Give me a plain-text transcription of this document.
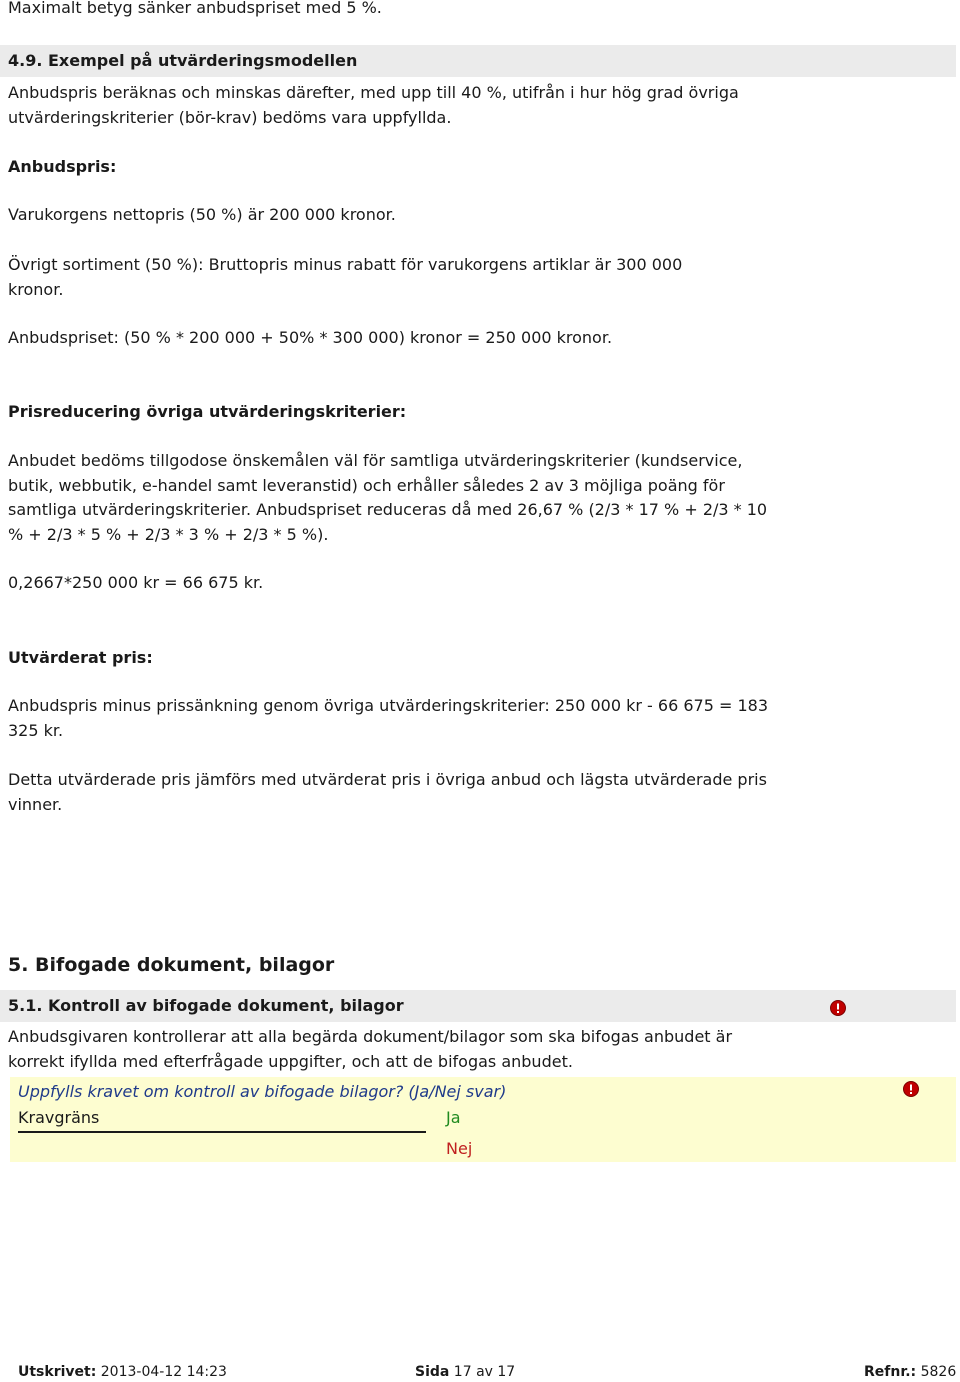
Maximalt betyg sänker anbudspriset med 5 %.
4.9. Exempel på utvärderingsmodellen

Anbudspris beräknas och minskas därefter, med upp till 40 %, utifrån i hur hög grad övriga utvärderingskriterier (bör-krav) bedöms vara uppfyllda.

Anbudspris:

Varukorgens nettopris (50 %) är 200 000 kronor.

Övrigt sortiment (50 %): Bruttopris minus rabatt för varukorgens artiklar är 300 000 kronor.

Anbudspriset: (50 % * 200 000 + 50% * 300 000) kronor = 250 000 kronor.

Prisreducering övriga utvärderingskriterier:

Anbudet bedöms tillgodose önskemålen väl för samtliga utvärderingskriterier (kundservice, butik, webbutik, e-handel samt leveranstid) och erhåller således 2 av 3 möjliga poäng för samtliga utvärderingskriterier. Anbudspriset reduceras då med 26,67 % (2/3 * 17 % + 2/3 * 10 % + 2/3 * 5 % + 2/3 * 3 % + 2/3 * 5 %).

0,2667*250 000 kr = 66 675 kr.

Utvärderat pris:

Anbudspris minus prissänkning genom övriga utvärderingskriterier: 250 000 kr - 66 675 = 183 325 kr.

Detta utvärderade pris jämförs med utvärderat pris i övriga anbud och lägsta utvärderade pris vinner.

5. Bifogade dokument, bilagor
5.1. Kontroll av bifogade dokument, bilagor

Anbudsgivaren kontrollerar att alla begärda dokument/bilagor som ska bifogas anbudet är korrekt ifyllda med efterfrågade uppgifter, och att de bifogas anbudet.

Uppfylls kravet om kontroll av bifogade bilagor? (Ja/Nej svar)
Kravgräns	Ja
Nej
Utskrivet: 2013-04-12 14:23	Sida 17 av 17	Refnr.: 5826
